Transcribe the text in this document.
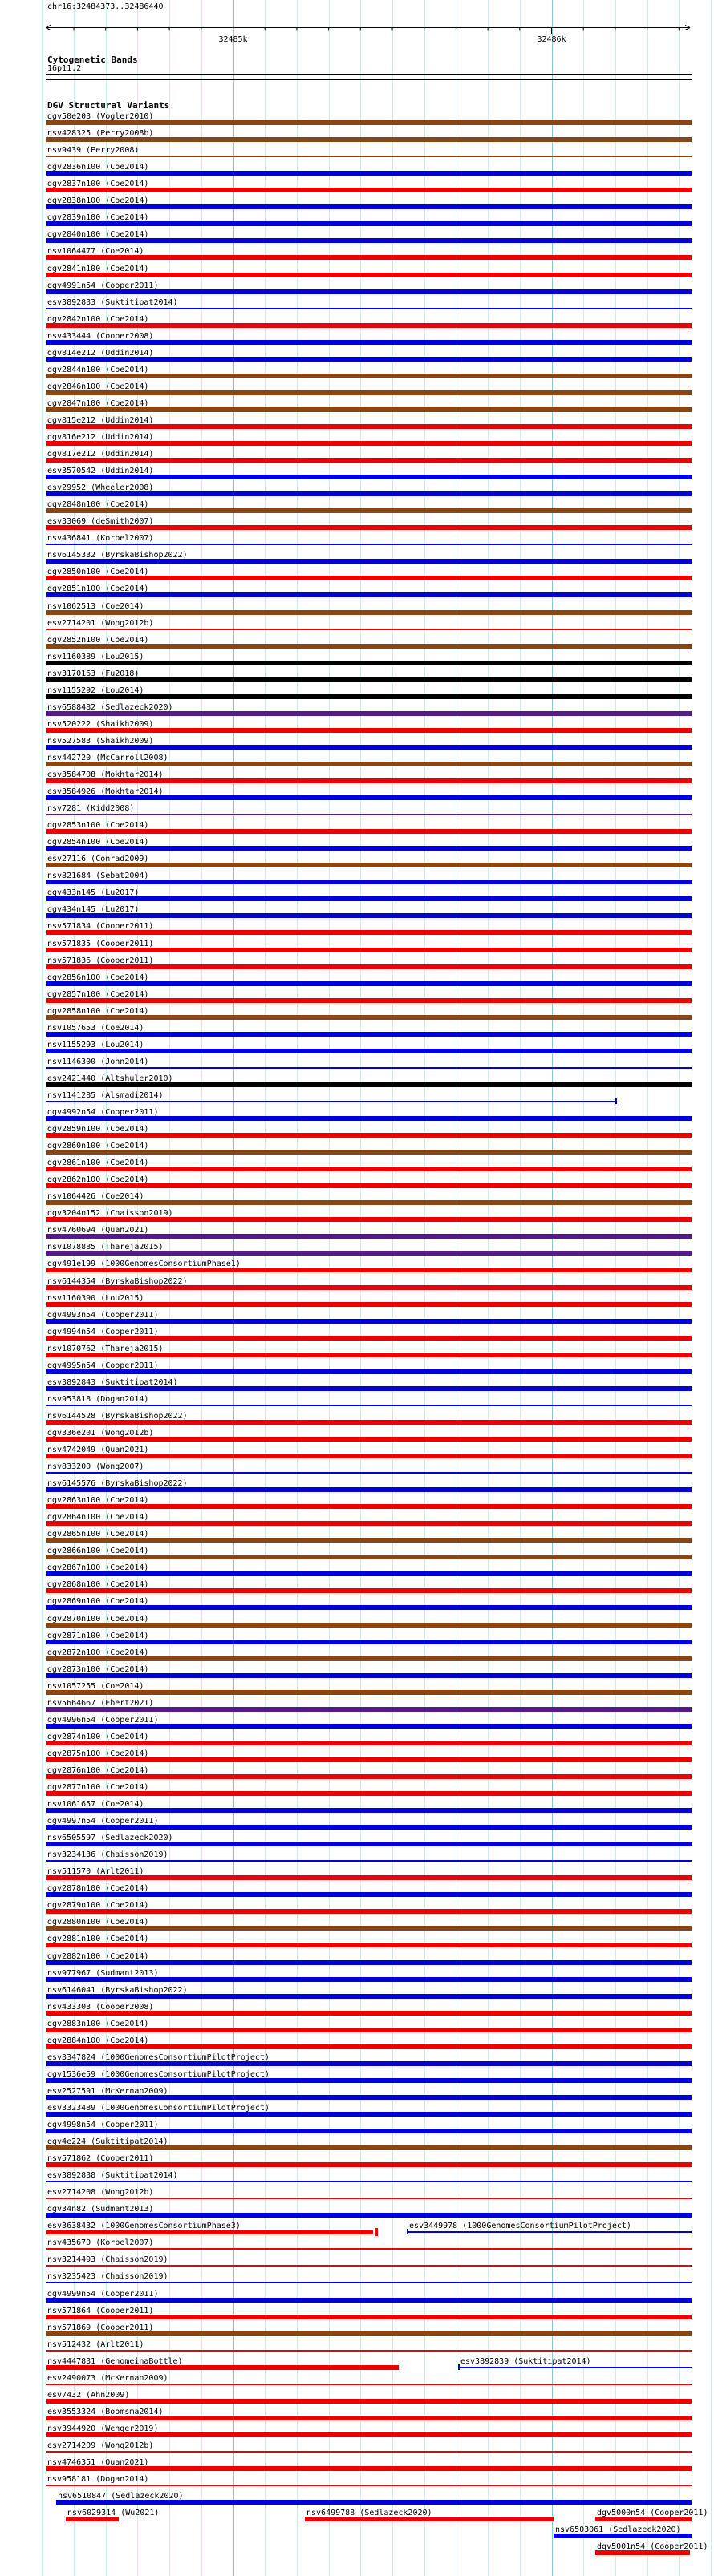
chr16:32484373..32486440
Cytogenetic Bands
16p11.2
DGV Structural Variants
dgv50e203 (Vogler2010)
nsv428325 (Perry2008b)
nsv9439 (Perry2008)
dgv2836n100 (Coe2014)
dgv2837n100 (Coe2014)
dgv2838n100 (Coe2014)
dgv2839n100 (Coe2014)
dgv2840n100 (Coe2014)
nsv1064477 (Coe2014)
dgv2841n100 (Coe2014)
dgv4991n54 (Cooper2011)
esv3892833 (Suktitipat2014)
dgv2842n100 (Coe2014)
nsv433444 (Cooper2008)
dgv814e212 (Uddin2014)
dgv2844n100 (Coe2014)
dgv2846n100 (Coe2014)
dgv2847n100 (Coe2014)
dgv815e212 (Uddin2014)
dgv816e212 (Uddin2014)
dgv817e212 (Uddin2014)
esv3570542 (Uddin2014)
esv29952 (Wheeler2008)
dgv2848n100 (Coe2014)
esv33069 (deSmith2007)
nsv436841 (Korbel2007)
nsv6145332 (ByrskaBishop2022)
dgv2850n100 (Coe2014)
dgv2851n100 (Coe2014)
nsv1062513 (Coe2014)
esv2714201 (Wong2012b)
dgv2852n100 (Coe2014)
nsv1160389 (Lou2015)
nsv3170163 (Fu2018)
nsv1155292 (Lou2014)
nsv6588482 (Sedlazeck2020)
nsv520222 (Shaikh2009)
nsv527583 (Shaikh2009)
nsv442720 (McCarroll2008)
esv3584708 (Mokhtar2014)
esv3584926 (Mokhtar2014)
nsv7281 (Kidd2008)
dgv2853n100 (Coe2014)
dgv2854n100 (Coe2014)
esv27116 (Conrad2009)
nsv821684 (Sebat2004)
dgv433n145 (Lu2017)
dgv434n145 (Lu2017)
nsv571834 (Cooper2011)
nsv571835 (Cooper2011)
nsv571836 (Cooper2011)
dgv2856n100 (Coe2014)
dgv2857n100 (Coe2014)
dgv2858n100 (Coe2014)
nsv1057653 (Coe2014)
nsv1155293 (Lou2014)
nsv1146300 (John2014)
esv2421440 (Altshuler2010)
nsv1141285 (Alsmadi2014)
dgv4992n54 (Cooper2011)
dgv2859n100 (Coe2014)
dgv2860n100 (Coe2014)
dgv2861n100 (Coe2014)
dgv2862n100 (Coe2014)
nsv1064426 (Coe2014)
dgv3204n152 (Chaisson2019)
nsv4760694 (Quan2021)
nsv1078885 (Thareja2015)
dgv491e199 (1000GenomesConsortiumPhase1)
nsv6144354 (ByrskaBishop2022)
nsv1160390 (Lou2015)
dgv4993n54 (Cooper2011)
dgv4994n54 (Cooper2011)
nsv1070762 (Thareja2015)
dgv4995n54 (Cooper2011)
esv3892843 (Suktitipat2014)
nsv953818 (Dogan2014)
nsv6144528 (ByrskaBishop2022)
dgv336e201 (Wong2012b)
nsv4742049 (Quan2021)
nsv833200 (Wong2007)
nsv6145576 (ByrskaBishop2022)
dgv2863n100 (Coe2014)
dgv2864n100 (Coe2014)
dgv2865n100 (Coe2014)
dgv2866n100 (Coe2014)
dgv2867n100 (Coe2014)
dgv2868n100 (Coe2014)
dgv2869n100 (Coe2014)
dgv2870n100 (Coe2014)
dgv2871n100 (Coe2014)
dgv2872n100 (Coe2014)
dgv2873n100 (Coe2014)
nsv1057255 (Coe2014)
nsv5664667 (Ebert2021)
dgv4996n54 (Cooper2011)
dgv2874n100 (Coe2014)
dgv2875n100 (Coe2014)
dgv2876n100 (Coe2014)
dgv2877n100 (Coe2014)
nsv1061657 (Coe2014)
dgv4997n54 (Cooper2011)
nsv6505597 (Sedlazeck2020)
nsv3234136 (Chaisson2019)
nsv511570 (Arlt2011)
dgv2878n100 (Coe2014)
dgv2879n100 (Coe2014)
dgv2880n100 (Coe2014)
dgv2881n100 (Coe2014)
dgv2882n100 (Coe2014)
nsv977967 (Sudmant2013)
nsv6146041 (ByrskaBishop2022)
nsv433303 (Cooper2008)
dgv2883n100 (Coe2014)
dgv2884n100 (Coe2014)
esv3347824 (1000GenomesConsortiumPilotProject)
dgv1536e59 (1000GenomesConsortiumPilotProject)
esv2527591 (McKernan2009)
esv3323489 (1000GenomesConsortiumPilotProject)
dgv4998n54 (Cooper2011)
dgv4e224 (Suktitipat2014)
nsv571862 (Cooper2011)
esv3892838 (Suktitipat2014)
esv2714208 (Wong2012b)
dgv34n82 (Sudmant2013)
esv3638432 (1000GenomesConsortiumPhase3)	esv3449978 (1000GenomesConsortiumPilotProject)
nsv435670 (Korbel2007)
nsv3214493 (Chaisson2019)
nsv3235423 (Chaisson2019)
dgv4999n54 (Cooper2011)
nsv571864 (Cooper2011)
nsv571869 (Cooper2011)
nsv512432 (Arlt2011)
nsv4447831 (GenomeinaBottle)	esv3892839 (Suktitipat2014)
esv2490073 (McKernan2009)
esv7432 (Ahn2009)
esv3553324 (Boomsma2014)
nsv3944920 (Wenger2019)
esv2714209 (Wong2012b)
nsv4746351 (Quan2021)
nsv958181 (Dogan2014)
nsv6510847 (Sedlazeck2020)
nsv6029314 (Wu2021)	nsv6499788 (Sedlazeck2020)	dgv5000n54 (Cooper2011)
nsv6503061 (Sedlazeck2020)
dgv5001n54 (Cooper2011)
32485k	32486k
